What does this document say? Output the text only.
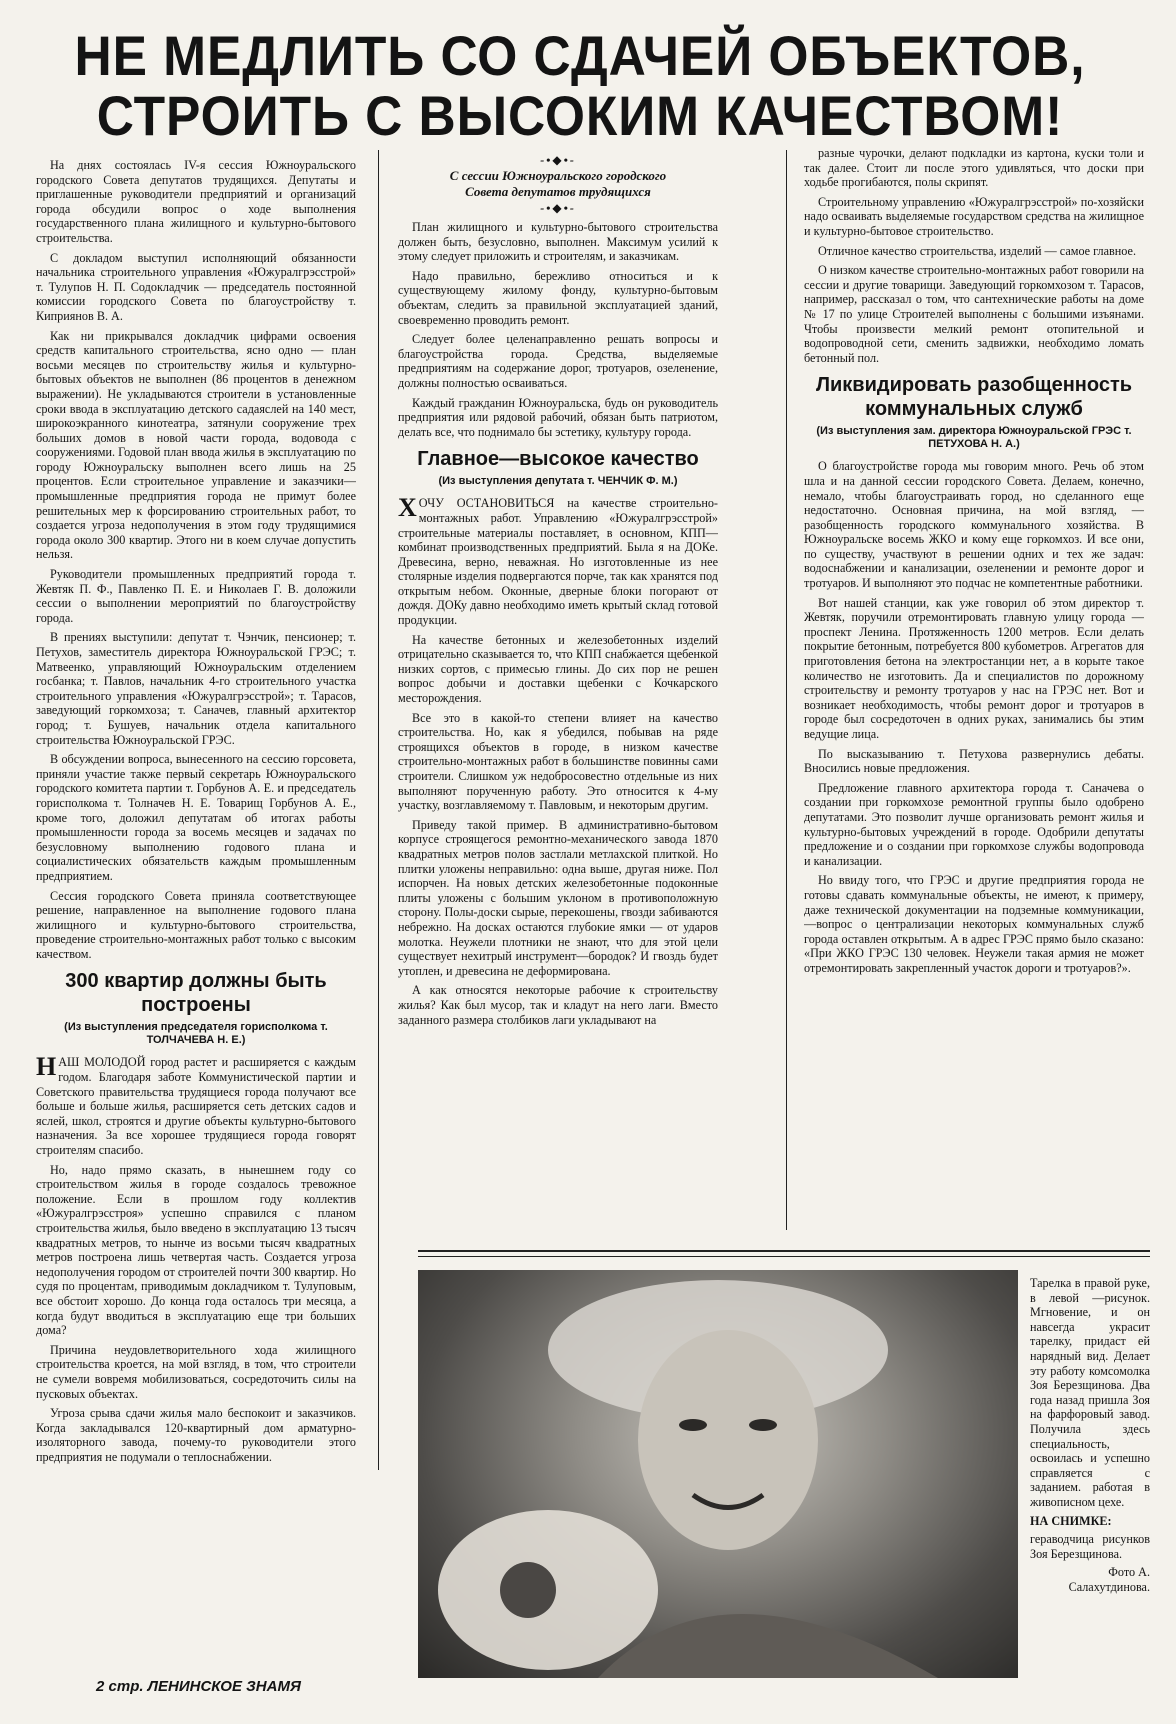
НЕ МЕДЛИТЬ СО СДАЧЕЙ ОБЪЕКТОВ,
СТРОИТЬ С ВЫСОКИМ КАЧЕСТВОМ!
-•◆•-
С сессии Южноуральского городского
Совета депутатов трудящихся
-•◆•-

На днях состоялась IV-я сессия Южноуральского городского Совета депутатов трудящихся. Депутаты и приглашенные руководители предприятий и организаций города обсудили вопрос о ходе выполнения государственного плана жилищного и культурно-бытового строительства.

С докладом выступил исполняющий обязанности начальника строительного управления «Южуралгрэсстрой» т. Тулупов Н. П. Содокладчик — председатель постоянной комиссии городского Совета по благоустройству т. Киприянов В. А.

Как ни прикрывался докладчик цифрами освоения средств капитального строительства, ясно одно — план восьми месяцев по строительству жилья и культурно-бытовых объектов не выполнен (86 процентов в денежном выражении). Не укладываются строители в установленные сроки ввода в эксплуатацию детского садаяслей на 140 мест, широкоэкранного кинотеатра, затянули сооружение трех больших домов в новой части города, водовода с сооружениями. Годовой план ввода жилья в эксплуатацию по городу Южноуральску выполнен всего лишь на 25 процентов. Если строительное управление и заказчики—промышленные предприятия города не примут более решительных мер к форсированию строительных работ, то создается угроза недополучения в этом году трудящимися города около 300 квартир. Этого ни в коем случае допустить нельзя.

Руководители промышленных предприятий города т. Жевтяк П. Ф., Павленко П. Е. и Николаев Г. В. доложили сессии о выполнении мероприятий по благоустройству города.

В прениях выступили: депутат т. Чэнчик, пенсионер; т. Петухов, заместитель директора Южноуральской ГРЭС; т. Матвеенко, управляющий Южноуральским отделением госбанка; т. Павлов, начальник 4-го строительного участка строительного управления «Южуралгрэсстрой»; т. Тарасов, заведующий горкомхоза; т. Саначев, главный архитектор город; т. Бушуев, начальник отдела капитального строительства Южноуральской ГРЭС.

В обсуждении вопроса, вынесенного на сессию горсовета, приняли участие также первый секретарь Южноуральского городского комитета партии т. Горбунов А. Е. и председатель горисполкома т. Толначев Н. Е. Товарищ Горбунов А. Е., кроме того, доложил депутатам об итогах работы промышленности города за восемь месяцев и задачах по безусловному выполнению годового плана и социалистических обязательств каждым промышленным предприятием.

Сессия городского Совета приняла соответствующее решение, направленное на выполнение годового плана жилищного и культурно-бытового строительства, проведение строительно-монтажных работ только с высоким качеством.

300 квартир должны быть построены
(Из выступления председателя горисполкома т. ТОЛЧАЧЕВА Н. Е.)

НАШ МОЛОДОЙ город растет и расширяется с каждым годом. Благодаря заботе Коммунистической партии и Советского правительства трудящиеся города получают все больше и больше жилья, расширяется сеть детских садов и яслей, школ, строятся и другие объекты культурно-бытового назначения. За все хорошее трудящиеся города говорят строителям спасибо.

Но, надо прямо сказать, в нынешнем году со строительством жилья в городе создалось тревожное положение. Если в прошлом году коллектив «Южуралгрэсстроя» успешно справился с планом строительства жилья, было введено в эксплуатацию 13 тысяч квадратных метров, то нынче из восьми тысяч квадратных метров построена лишь четвертая часть. Создается угроза недополучения городом от строителей почти 300 квартир. Но судя по процентам, приводимым докладчиком т. Тулуповым, все обстоит хорошо. До конца года осталось три месяца, а когда будут вводиться в эксплуатацию еще три больших дома?

Причина неудовлетворительного хода жилищного строительства кроется, на мой взгляд, в том, что строители не сумели вовремя мобилизоваться, сосредоточить силы на пусковых объектах.

Угроза срыва сдачи жилья мало беспокоит и заказчиков. Когда закладывался 120-квартирный дом арматурно-изоляторного завода, почему-то руководители этого предприятия не подумали о теплоснабжении.

План жилищного и культурно-бытового строительства должен быть, безусловно, выполнен. Максимум усилий к этому следует приложить и строителям, и заказчикам.

Надо правильно, бережливо относиться и к существующему жилому фонду, культурно-бытовым объектам, следить за правильной эксплуатацией зданий, своевременно проводить ремонт.

Следует более целенаправленно решать вопросы и благоустройства города. Средства, выделяемые предприятиям на содержание дорог, тротуаров, озеленение, должны полностью осваиваться.

Каждый гражданин Южноуральска, будь он руководитель предприятия или рядовой рабочий, обязан быть патриотом, делать все, что поднимало бы эстетику, культуру города.

Главное—высокое качество
(Из выступления депутата т. ЧЕНЧИК Ф. М.)

ХОЧУ ОСТАНОВИТЬСЯ на качестве строительно-монтажных работ. Управлению «Южуралгрэсстрой» строительные материалы поставляет, в основном, КПП— комбинат производственных предприятий. Была я на ДОКе. Древесина, верно, неважная. Но изготовленные из нее столярные изделия подвергаются порче, так как хранятся под открытым небом. Оконные, дверные блоки погорают от дождя. ДОКу давно необходимо иметь крытый склад готовой продукции.

На качестве бетонных и железобетонных изделий отрицательно сказывается то, что КПП снабжается щебенкой низких сортов, с примесью глины. До сих пор не решен вопрос добычи и доставки щебенки с Кочкарского месторождения.

Все это в какой-то степени влияет на качество строительства. Но, как я убедился, побывав на ряде строящихся объектов в городе, в низком качестве строительно-монтажных работ в большинстве повинны сами строители. Слишком уж недобросовестно отдельные из них выполняют порученную работу. Это относится к 4-му участку, возглавляемому т. Павловым, и некоторым другим.

Приведу такой пример. В административно-бытовом корпусе строящегося ремонтно-механического завода 1870 квадратных метров полов застлали метлахской плиткой. Но плитки уложены неправильно: одна выше, другая ниже. Пол испорчен. На новых детских железобетонные подоконные плиты уложены с большим уклоном в противоположную сторону. Полы-доски сырые, перекошены, гвозди забиваются небрежно. На досках остаются глубокие ямки — от ударов молотка. Неужели плотники не знают, что для этой цели существует нехитрый инструмент—бородок? И гвоздь будет утоплен, и древесина не деформирована.

А как относятся некоторые рабочие к строительству жилья? Как был мусор, так и кладут на него лаги. Вместо заданного размера столбиков лаги укладывают на

разные чурочки, делают подкладки из картона, куски толи и так далее. Стоит ли после этого удивляться, что доски при ходьбе прогибаются, полы скрипят.

Строительному управлению «Южуралгрэсстрой» по-хозяйски надо осваивать выделяемые государством средства на жилищное и культурно-бытовое строительство.

Отличное качество строительства, изделий — самое главное.

О низком качестве строительно-монтажных работ говорили на сессии и другие товарищи. Заведующий горкомхозом т. Тарасов, например, рассказал о том, что сантехнические работы на доме № 17 по улице Строителей выполнены с большими изъянами. Чтобы произвести мелкий ремонт отопительной и водопроводной сети, сменить задвижки, необходимо ломать бетонный пол.

Ликвидировать разобщенность коммунальных служб
(Из выступления зам. директора Южноуральской ГРЭС т. ПЕТУХОВА Н. А.)

О благоустройстве города мы говорим много. Речь об этом шла и на данной сессии городского Совета. Делаем, конечно, немало, чтобы благоустраивать город, но сделанного еще недостаточно. Основная причина, на мой взгляд, — разобщенность городского коммунального хозяйства. В Южноуральске восемь ЖКО и кому еще горкомхоз. И все они, по существу, участвуют в решении одних и тех же задач: водоснабжении и канализации, озеленении и ремонте дорог и тротуаров. И выполняют это подчас не компетентные работники.

Вот нашей станции, как уже говорил об этом директор т. Жевтяк, поручили отремонтировать главную улицу города — проспект Ленина. Протяженность 1200 метров. Если делать покрытие бетонным, потребуется 800 кубометров. Агрегатов для приготовления бетона на электростанции нет, а в корыте такое количество не изготовить. Да и специалистов по дорожному строительству и ремонту тротуаров у нас на ГРЭС нет. Вот и возникает необходимость, чтобы ремонт дорог и тротуаров в городе был сосредоточен в одних руках, занимались бы этим ведущие лица.

По высказыванию т. Петухова развернулись дебаты. Вносились новые предложения.

Предложение главного архитектора города т. Саначева о создании при горкомхозе ремонтной группы было одобрено депутатами. Это позволит лучше организовать ремонт жилья и культурно-бытовых учреждений в городе. Одобрили депутаты предложение и о создании при горкомхозе службы водопровода и канализации.

Но ввиду того, что ГРЭС и другие предприятия города не готовы сдавать коммунальные объекты, не имеют, к примеру, даже технической документации на подземные коммуникации, —вопрос о централизации некоторых коммунальных служб города оставлен открытым. А в адрес ГРЭС прямо было сказано: «При ЖКО ГРЭС 130 человек. Неужели такая армия не может отремонтировать закрепленный участок дороги и тротуаров?».

Тарелка в правой руке, в левой —рисунок. Мгновение, и он навсегда украсит тарелку, придаст ей нарядный вид. Делает эту работу комсомолка Зоя Березщинова. Два года назад пришла Зоя на фарфоровый завод. Получила здесь специальность, освоилась и успешно справляется с заданием. работая в живописном цехе.

НА СНИМКЕ:

гераводчица рисунков Зоя Березщинова.

Фото А. Салахутдинова.

2 стр. ЛЕНИНСКОЕ ЗНАМЯ
